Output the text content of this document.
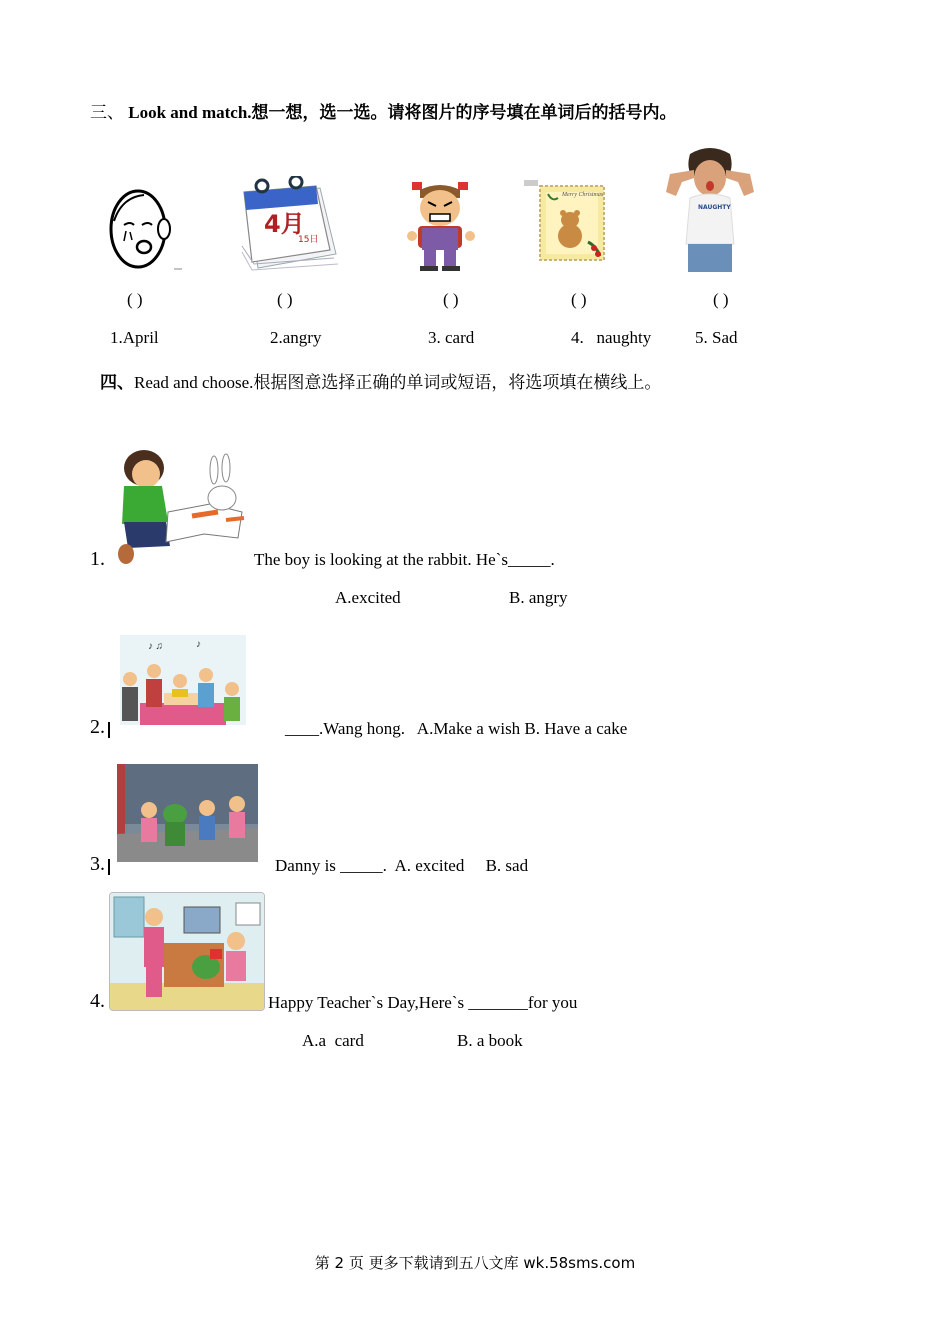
三、 Look and match.想一想，选一选。请将图片的序号填在单词后的括号内。
4月
15日
Merry Christmas
NAUGHTY
( )	( )	( )	( )	( )
1.April	2.angry	3. card	4.   naughty	5. Sad
四、Read and choose.根据图意选择正确的单词或短语，将选项填在横线上。
1.	The boy is looking at the rabbit. He`s_____.
A.excited	B. angry
♪ ♫	♪
2.	____.Wang hong.   A.Make a wish B. Have a cake
3.	Danny is _____.  A. excited     B. sad
4.	Happy Teacher`s Day,Here`s _______for you
A.a  card	B. a book
第 2 页 更多下载请到五八文库 wk.58sms.com
